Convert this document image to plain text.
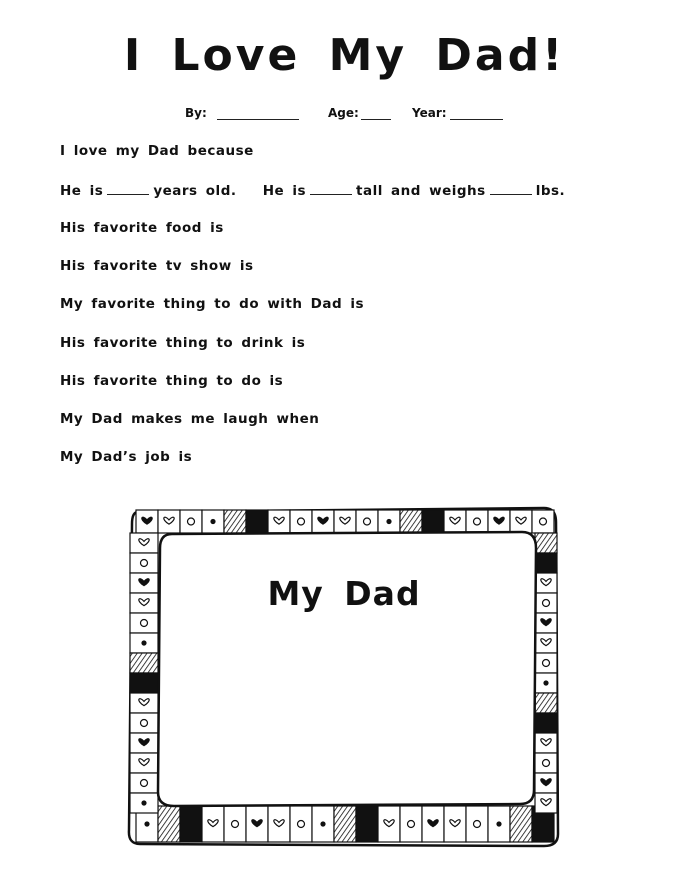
I Love My Dad!
By:	Age:	Year:
I love my Dad because
He is	years old. He is	tall and weighs	lbs.
His favorite food is
His favorite tv show is
My favorite thing to do with Dad is
His favorite thing to drink is
His favorite thing to do is
My Dad makes me laugh when
My Dad’s job is
My Dad
